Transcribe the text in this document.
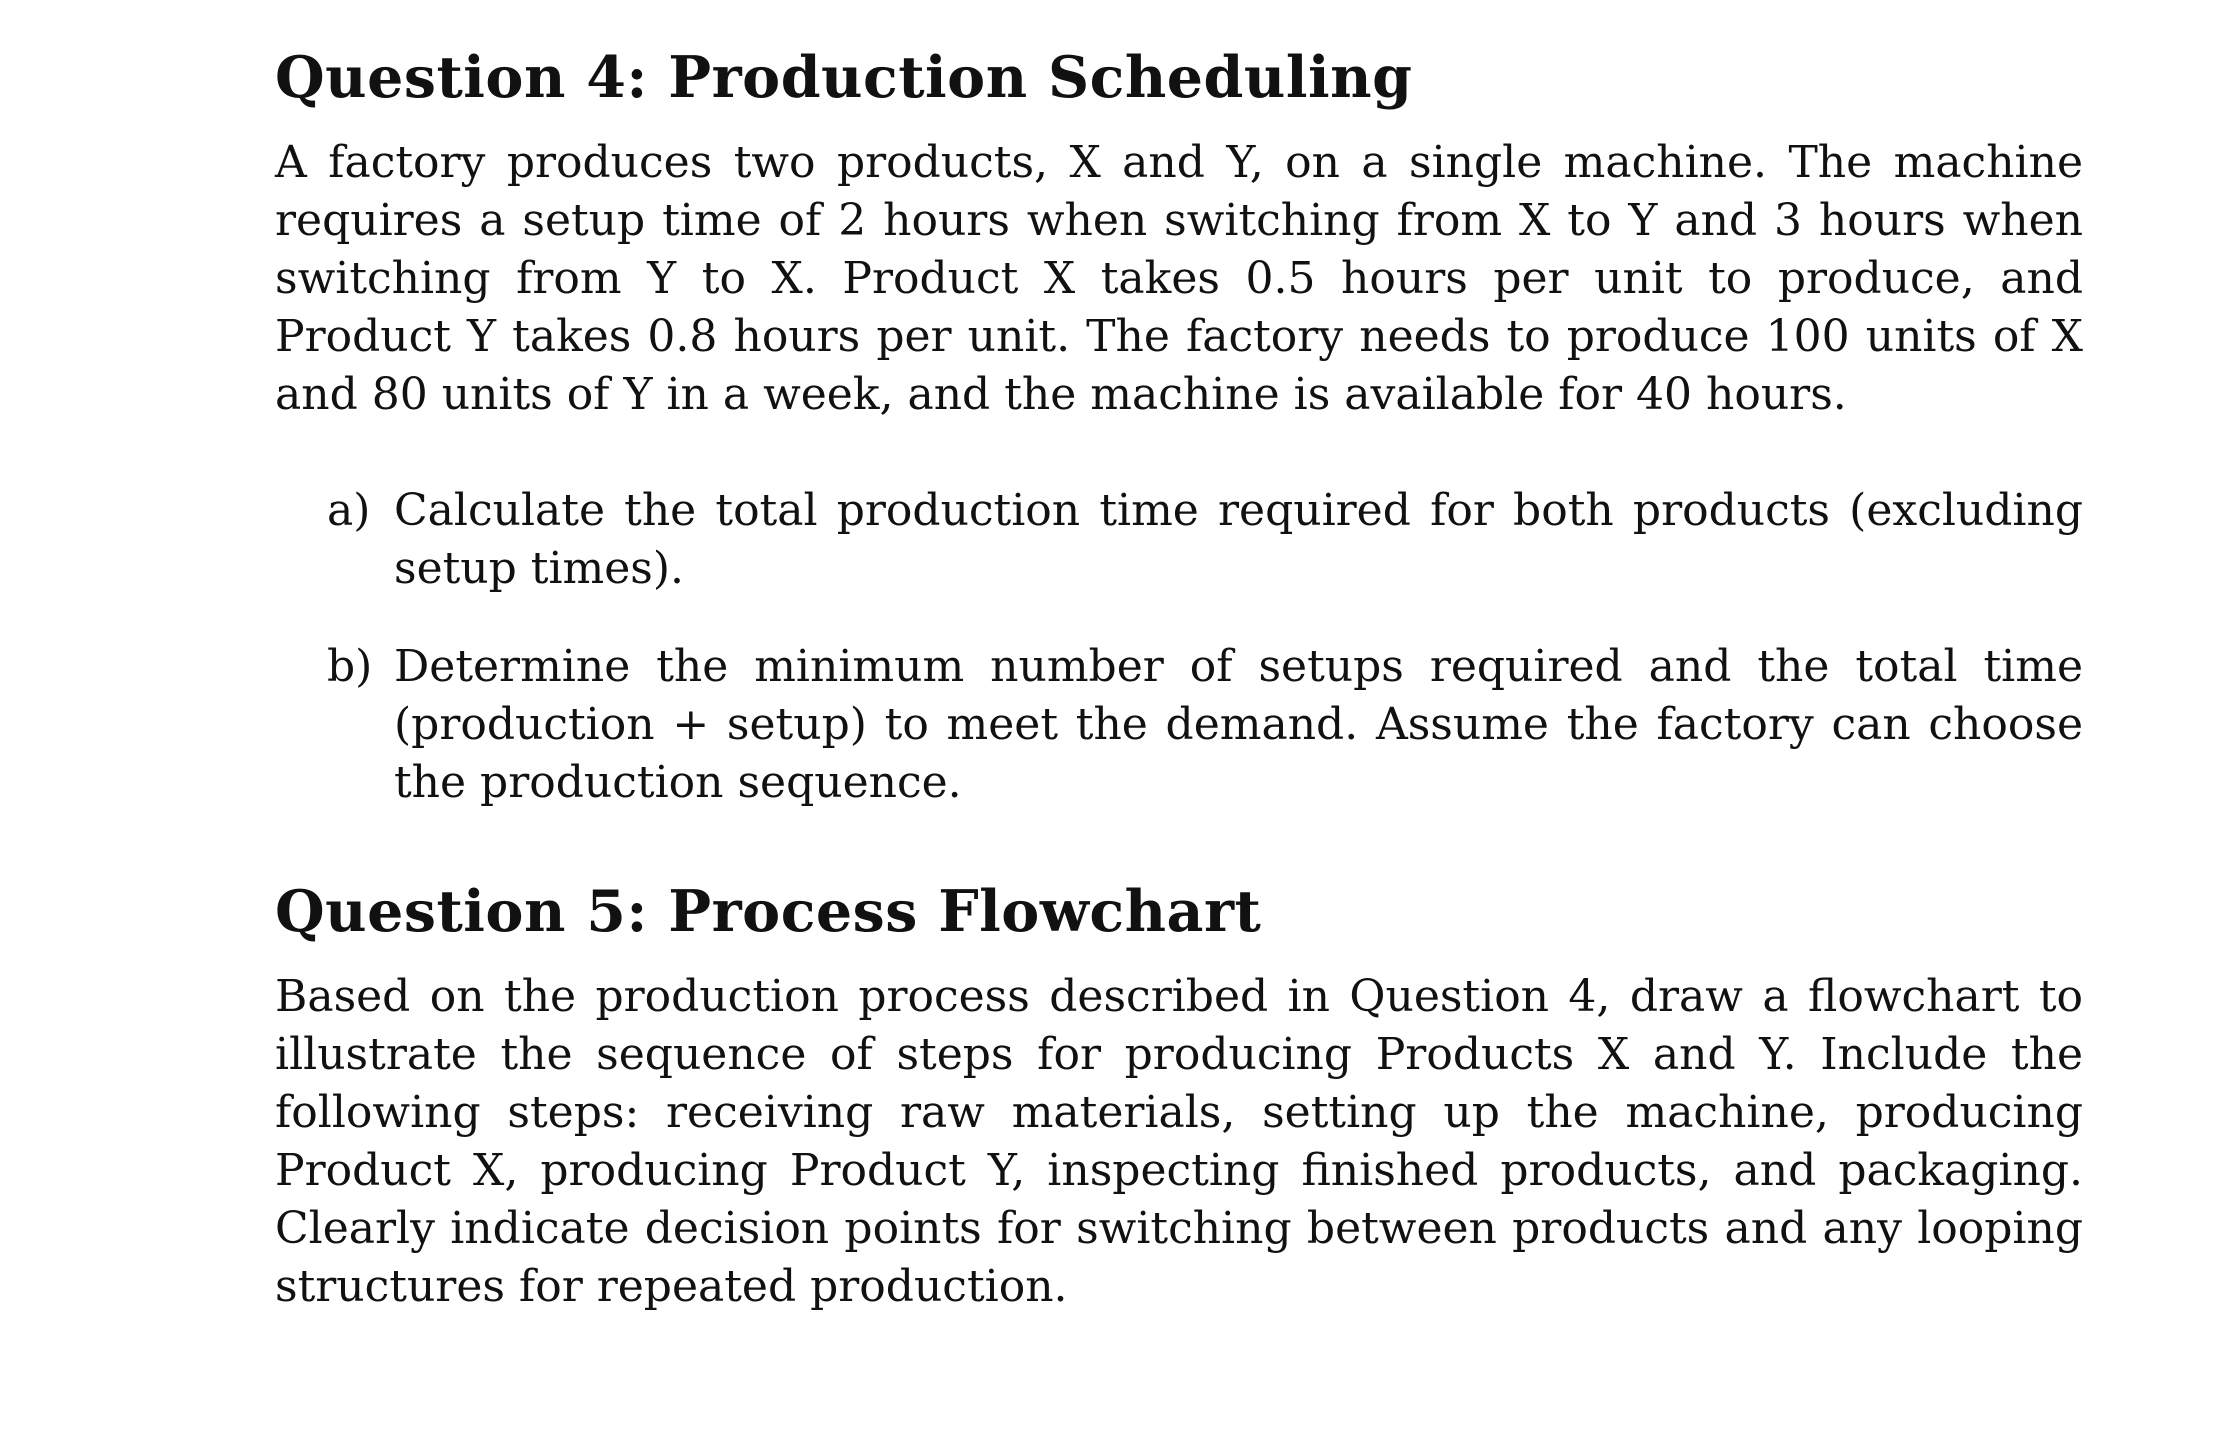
Question 4: Production Scheduling

A factory produces two products, X and Y, on a single machine. The machine requires a setup time of 2 hours when switching from X to Y and 3 hours when switching from Y to X. Product X takes 0.5 hours per unit to produce, and Product Y takes 0.8 hours per unit. The factory needs to produce 100 units of X and 80 units of Y in a week, and the machine is available for 40 hours.

a) Calculate the total production time required for both products (excluding setup times).
b) Determine the minimum number of setups required and the total time (production + setup) to meet the demand. Assume the factory can choose the production sequence.
Question 5: Process Flowchart

Based on the production process described in Question 4, draw a flowchart to illustrate the sequence of steps for producing Products X and Y. Include the following steps: receiving raw materials, setting up the machine, producing Product X, producing Product Y, inspecting finished products, and packaging. Clearly indicate decision points for switching between products and any looping structures for repeated production.
